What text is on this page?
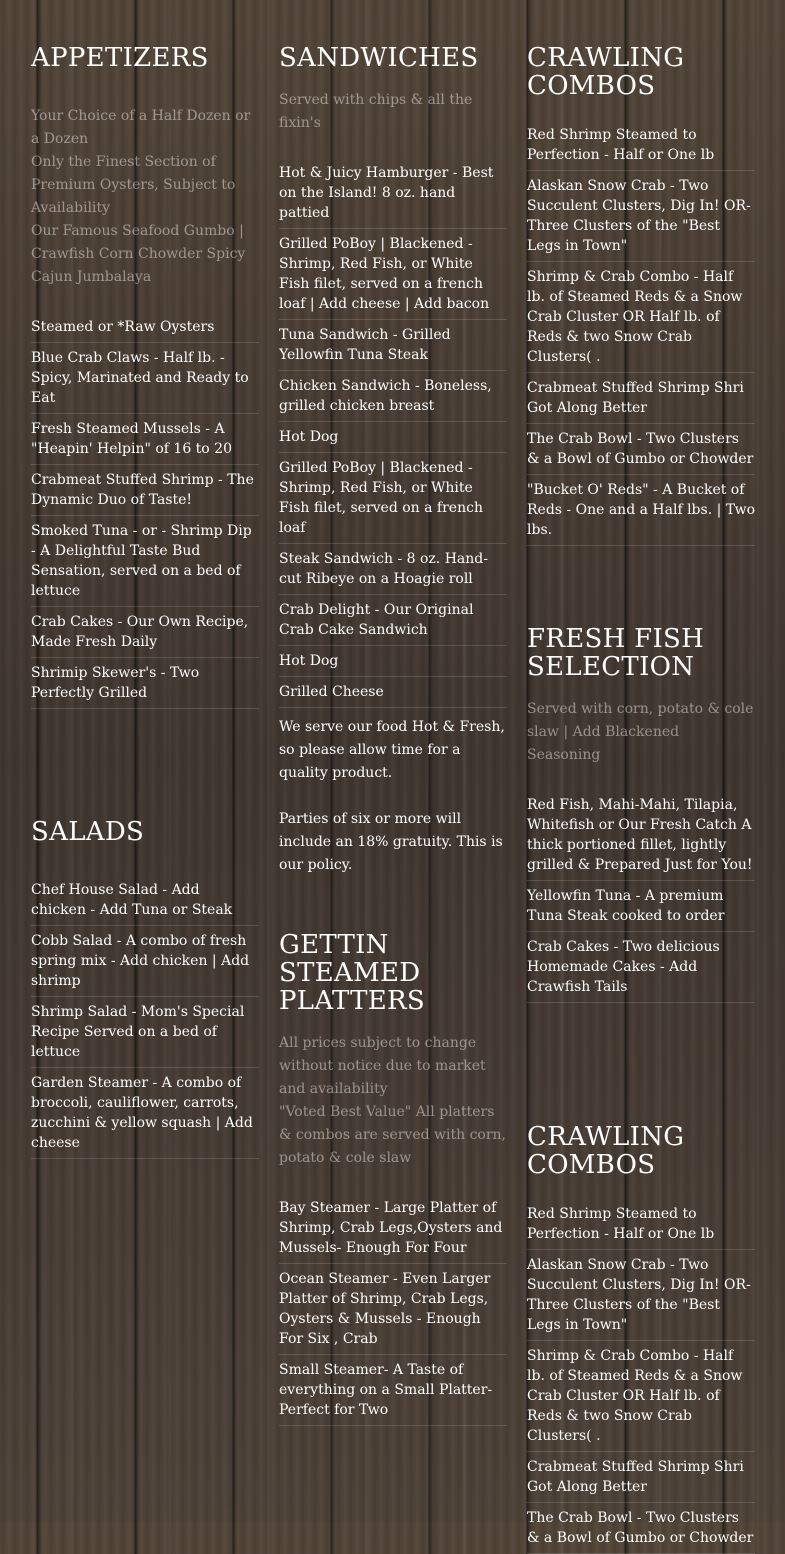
APPETIZERS
Your Choice of a Half Dozen or a Dozen
Only the Finest Section of Premium Oysters, Subject to Availability
Our Famous Seafood Gumbo | Crawfish Corn Chowder Spicy Cajun Jumbalaya
Steamed or *Raw Oysters
Blue Crab Claws - Half lb. - Spicy, Marinated and Ready to Eat
Fresh Steamed Mussels - A "Heapin' Helpin" of 16 to 20
Crabmeat Stuffed Shrimp - The Dynamic Duo of Taste!
Smoked Tuna - or - Shrimp Dip - A Delightful Taste Bud Sensation, served on a bed of lettuce
Crab Cakes - Our Own Recipe, Made Fresh Daily
Shrimip Skewer's - Two Perfectly Grilled
SALADS
Chef House Salad - Add chicken - Add Tuna or Steak
Cobb Salad - A combo of fresh spring mix - Add chicken | Add shrimp
Shrimp Salad - Mom's Special Recipe Served on a bed of lettuce
Garden Steamer - A combo of broccoli, cauliflower, carrots, zucchini & yellow squash | Add cheese
SANDWICHES
Served with chips & all the fixin's
Hot & Juicy Hamburger - Best on the Island! 8 oz. hand pattied
Grilled PoBoy | Blackened - Shrimp, Red Fish, or White Fish filet, served on a french loaf | Add cheese | Add bacon
Tuna Sandwich - Grilled Yellowfin Tuna Steak
Chicken Sandwich - Boneless, grilled chicken breast
Hot Dog
Grilled PoBoy | Blackened - Shrimp, Red Fish, or White Fish filet, served on a french loaf
Steak Sandwich - 8 oz. Hand-cut Ribeye on a Hoagie roll
Crab Delight - Our Original Crab Cake Sandwich
Hot Dog
Grilled Cheese

We serve our food Hot & Fresh, so please allow time for a quality product.

Parties of six or more will include an 18% gratuity. This is our policy.

GETTIN STEAMED PLATTERS
All prices subject to change without notice due to market and availability
"Voted Best Value" All platters & combos are served with corn, potato & cole slaw
Bay Steamer - Large Platter of Shrimp, Crab Legs,Oysters and Mussels- Enough For Four
Ocean Steamer - Even Larger Platter of Shrimp, Crab Legs, Oysters & Mussels - Enough For Six , Crab
Small Steamer- A Taste of everything on a Small Platter- Perfect for Two
CRAWLING COMBOS
Red Shrimp Steamed to Perfection - Half or One lb
Alaskan Snow Crab - Two Succulent Clusters, Dig In! OR-Three Clusters of the "Best Legs in Town"
Shrimp & Crab Combo - Half lb. of Steamed Reds & a Snow Crab Cluster OR Half lb. of Reds & two Snow Crab Clusters( .
Crabmeat Stuffed Shrimp Shri Got Along Better
The Crab Bowl - Two Clusters & a Bowl of Gumbo or Chowder
"Bucket O' Reds" - A Bucket of Reds - One and a Half lbs. | Two lbs.
FRESH FISH SELECTION
Served with corn, potato & cole slaw | Add Blackened Seasoning
Red Fish, Mahi-Mahi, Tilapia, Whitefish or Our Fresh Catch A thick portioned fillet, lightly grilled & Prepared Just for You!
Yellowfin Tuna - A premium Tuna Steak cooked to order
Crab Cakes - Two delicious Homemade Cakes - Add Crawfish Tails
CRAWLING COMBOS
Red Shrimp Steamed to Perfection - Half or One lb
Alaskan Snow Crab - Two Succulent Clusters, Dig In! OR-Three Clusters of the "Best Legs in Town"
Shrimp & Crab Combo - Half lb. of Steamed Reds & a Snow Crab Cluster OR Half lb. of Reds & two Snow Crab Clusters( .
Crabmeat Stuffed Shrimp Shri Got Along Better
The Crab Bowl - Two Clusters & a Bowl of Gumbo or Chowder
